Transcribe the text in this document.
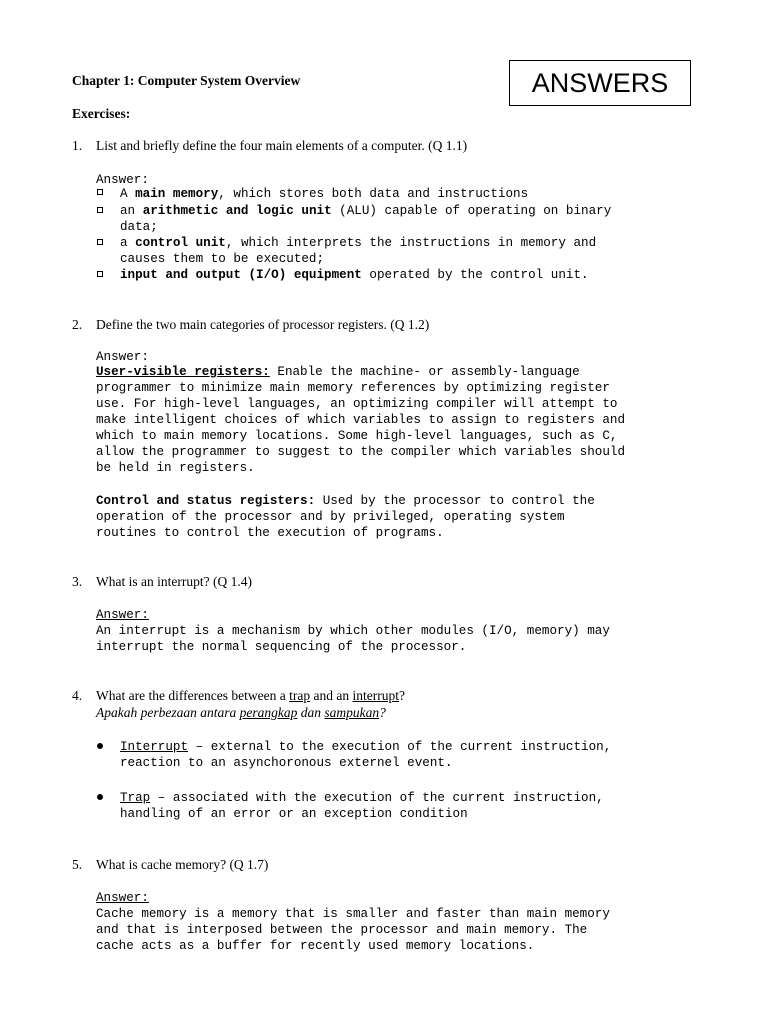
Chapter 1: Computer System Overview
Exercises:
ANSWERS
1. List and briefly define the four main elements of a computer. (Q 1.1)
Answer:
A main memory, which stores both data and instructions
an arithmetic and logic unit (ALU) capable of operating on binary
data;
a control unit, which interprets the instructions in memory and
causes them to be executed;
input and output (I/O) equipment operated by the control unit.
2. Define the two main categories of processor registers. (Q 1.2)
Answer:
User-visible registers: Enable the machine- or assembly-language
programmer to minimize main memory references by optimizing register
use. For high-level languages, an optimizing compiler will attempt to
make intelligent choices of which variables to assign to registers and
which to main memory locations. Some high-level languages, such as C,
allow the programmer to suggest to the compiler which variables should
be held in registers.
Control and status registers: Used by the processor to control the
operation of the processor and by privileged, operating system
routines to control the execution of programs.
3. What is an interrupt? (Q 1.4)
Answer:
An interrupt is a mechanism by which other modules (I/O, memory) may
interrupt the normal sequencing of the processor.
4. What are the differences between a trap and an interrupt?
Apakah perbezaan antara perangkap dan sampukan?
Interrupt – external to the execution of the current instruction,
reaction to an asynchoronous externel event.
Trap – associated with the execution of the current instruction,
handling of an error or an exception condition
5. What is cache memory? (Q 1.7)
Answer:
Cache memory is a memory that is smaller and faster than main memory
and that is interposed between the processor and main memory. The
cache acts as a buffer for recently used memory locations.
